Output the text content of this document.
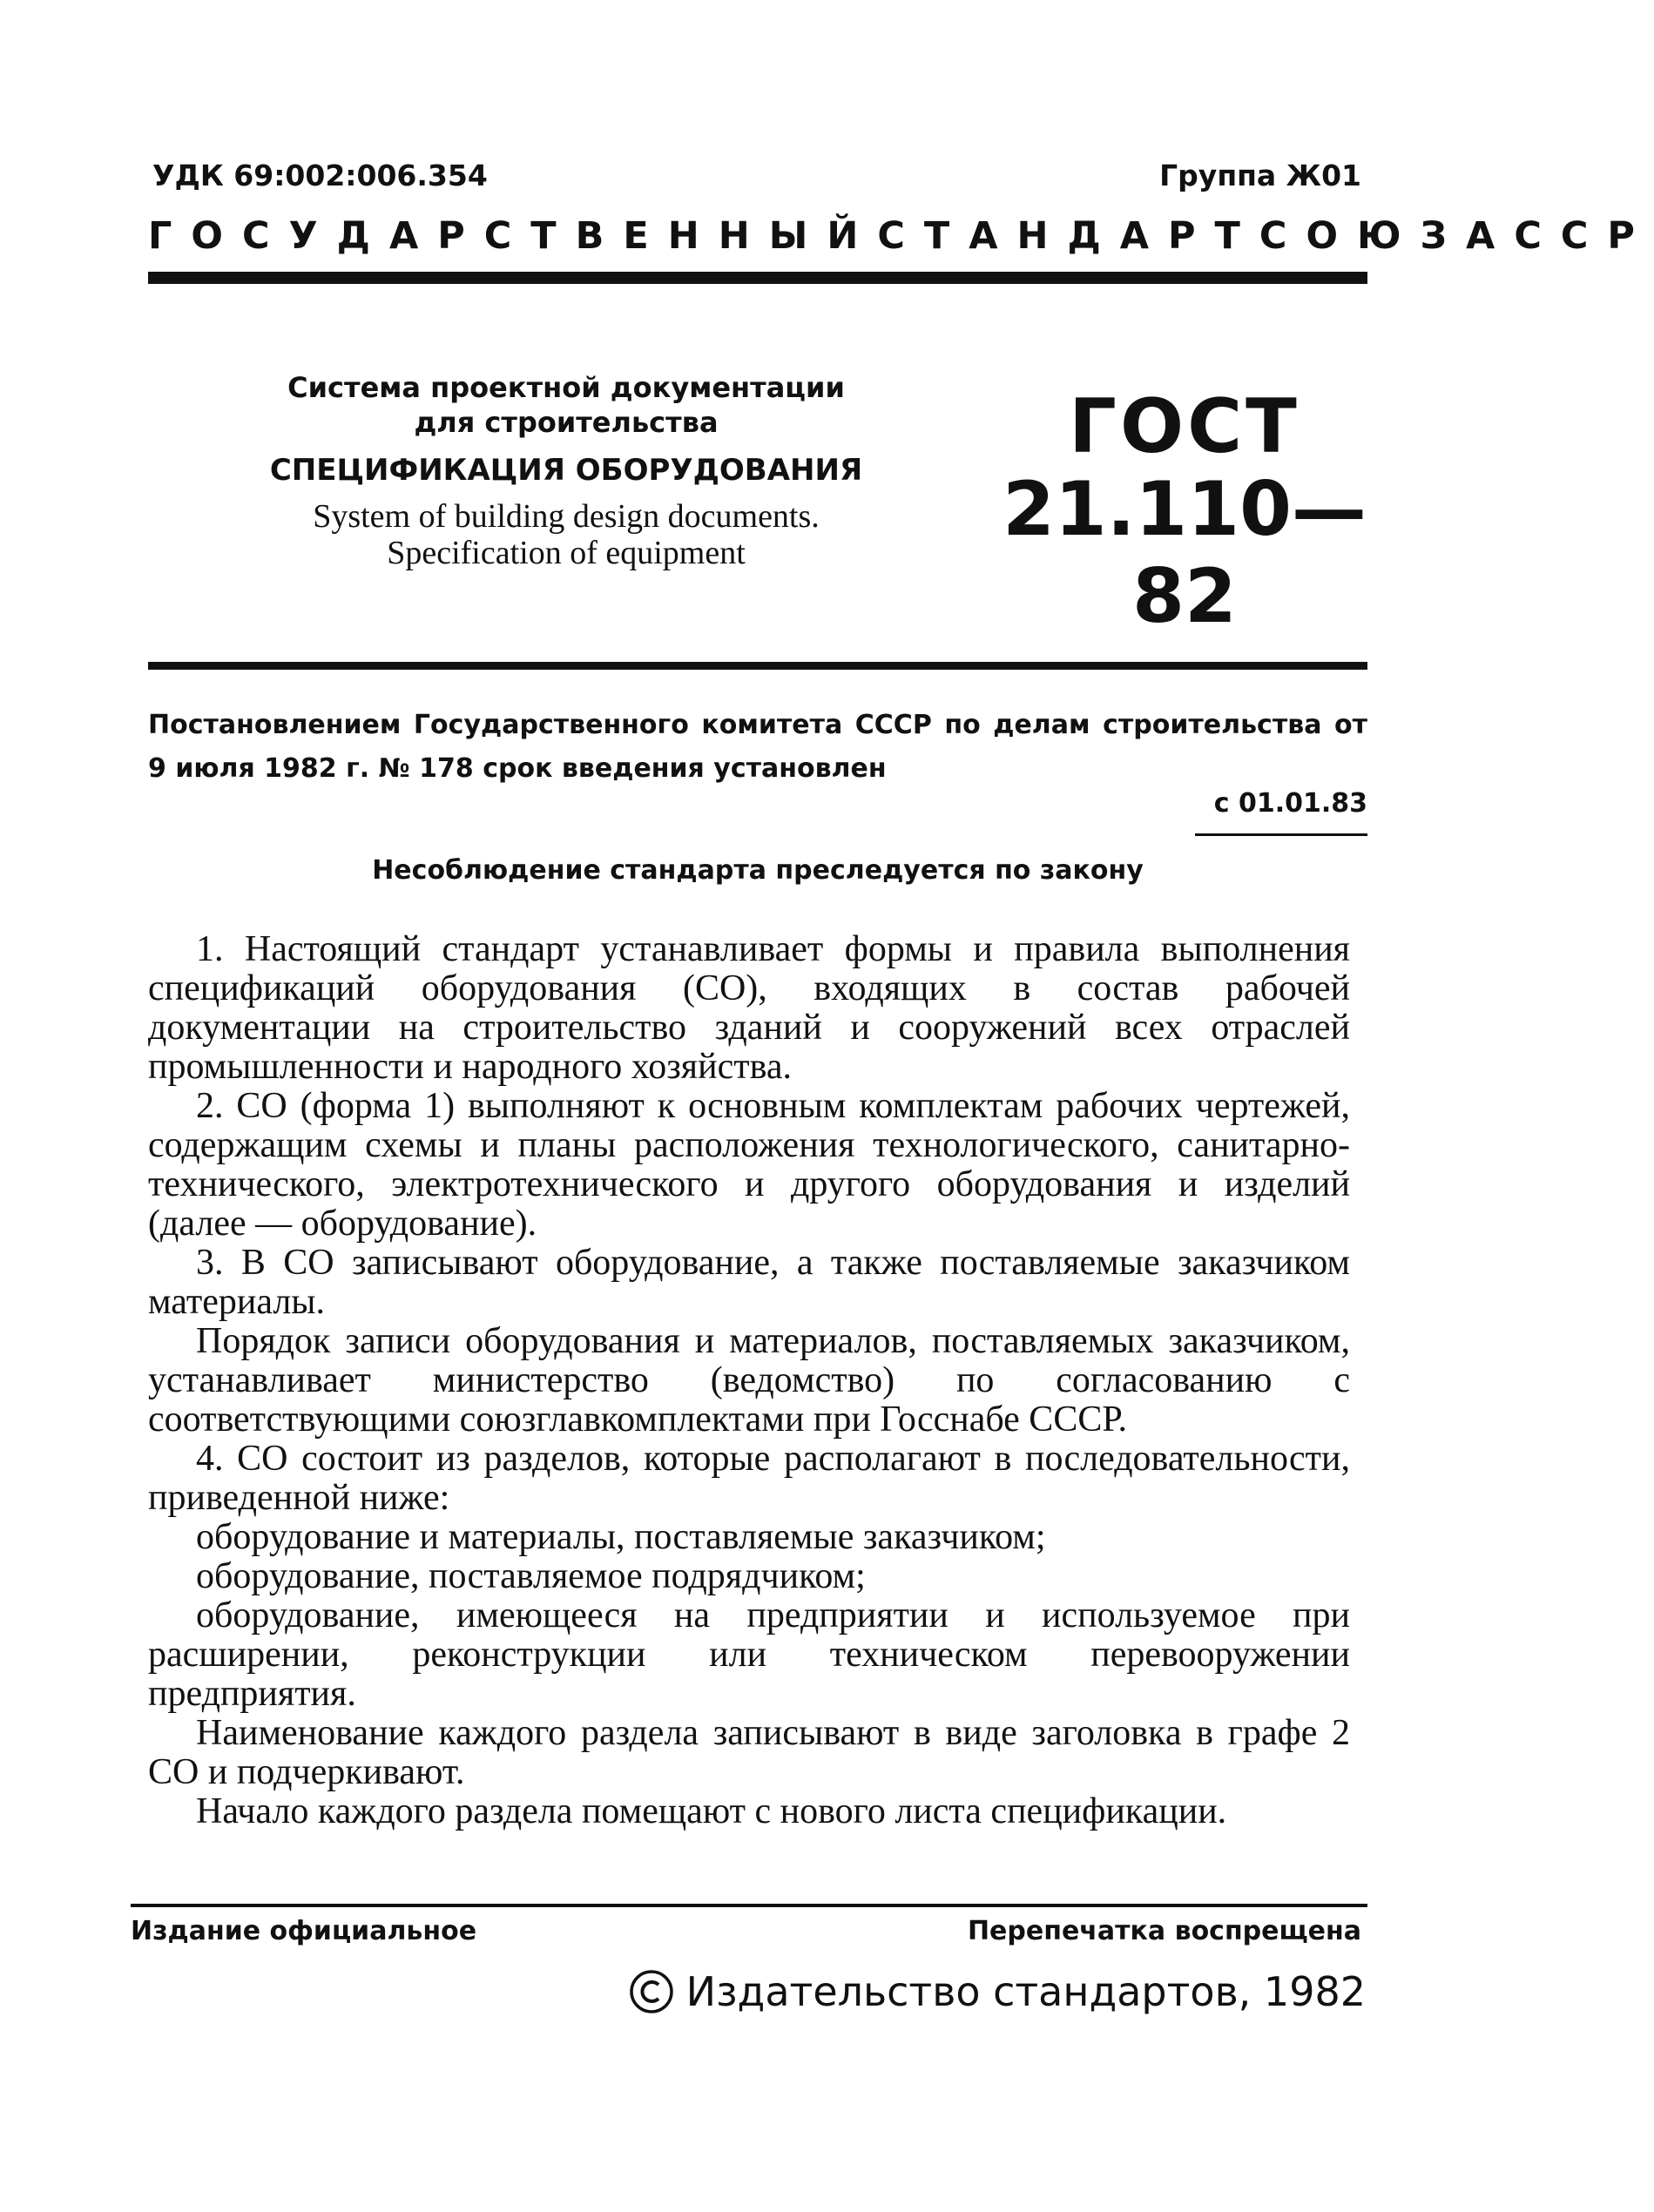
УДК 69:002:006.354	Группа Ж01
ГОСУДАРСТВЕННЫЙ СТАНДАРТ СОЮЗА ССР
Система проектной документации
для строительства
СПЕЦИФИКАЦИЯ ОБОРУДОВАНИЯ
System of building design documents.
Specification of equipment
ГОСТ
21.110—82
Постановлением Государственного комитета СССР по делам строительства от 9 июля 1982 г. № 178 срок введения установлен
с 01.01.83
Несоблюдение стандарта преследуется по закону

1. Настоящий стандарт устанавливает формы и правила выполнения спецификаций оборудования (СО), входящих в состав рабочей документации на строительство зданий и сооружений всех отраслей промышленности и народного хозяйства.

2. СО (форма 1) выполняют к основным комплектам рабочих чертежей, содержащим схемы и планы расположения технологического, санитарно-технического, электротехнического и другого оборудования и изделий (далее — оборудование).

3. В СО записывают оборудование, а также поставляемые заказчиком материалы.

Порядок записи оборудования и материалов, поставляемых заказчиком, устанавливает министерство (ведомство) по согласованию с соответствующими союзглавкомплектами при Госснабе СССР.

4. СО состоит из разделов, которые располагают в последовательности, приведенной ниже:

оборудование и материалы, поставляемые заказчиком;

оборудование, поставляемое подрядчиком;

оборудование, имеющееся на предприятии и используемое при расширении, реконструкции или техническом перевооружении предприятия.

Наименование каждого раздела записывают в виде заголовка в графе 2 СО и подчеркивают.

Начало каждого раздела помещают с нового листа спецификации.

Издание официальное	Перепечатка воспрещена
Издательство стандартов, 1982
